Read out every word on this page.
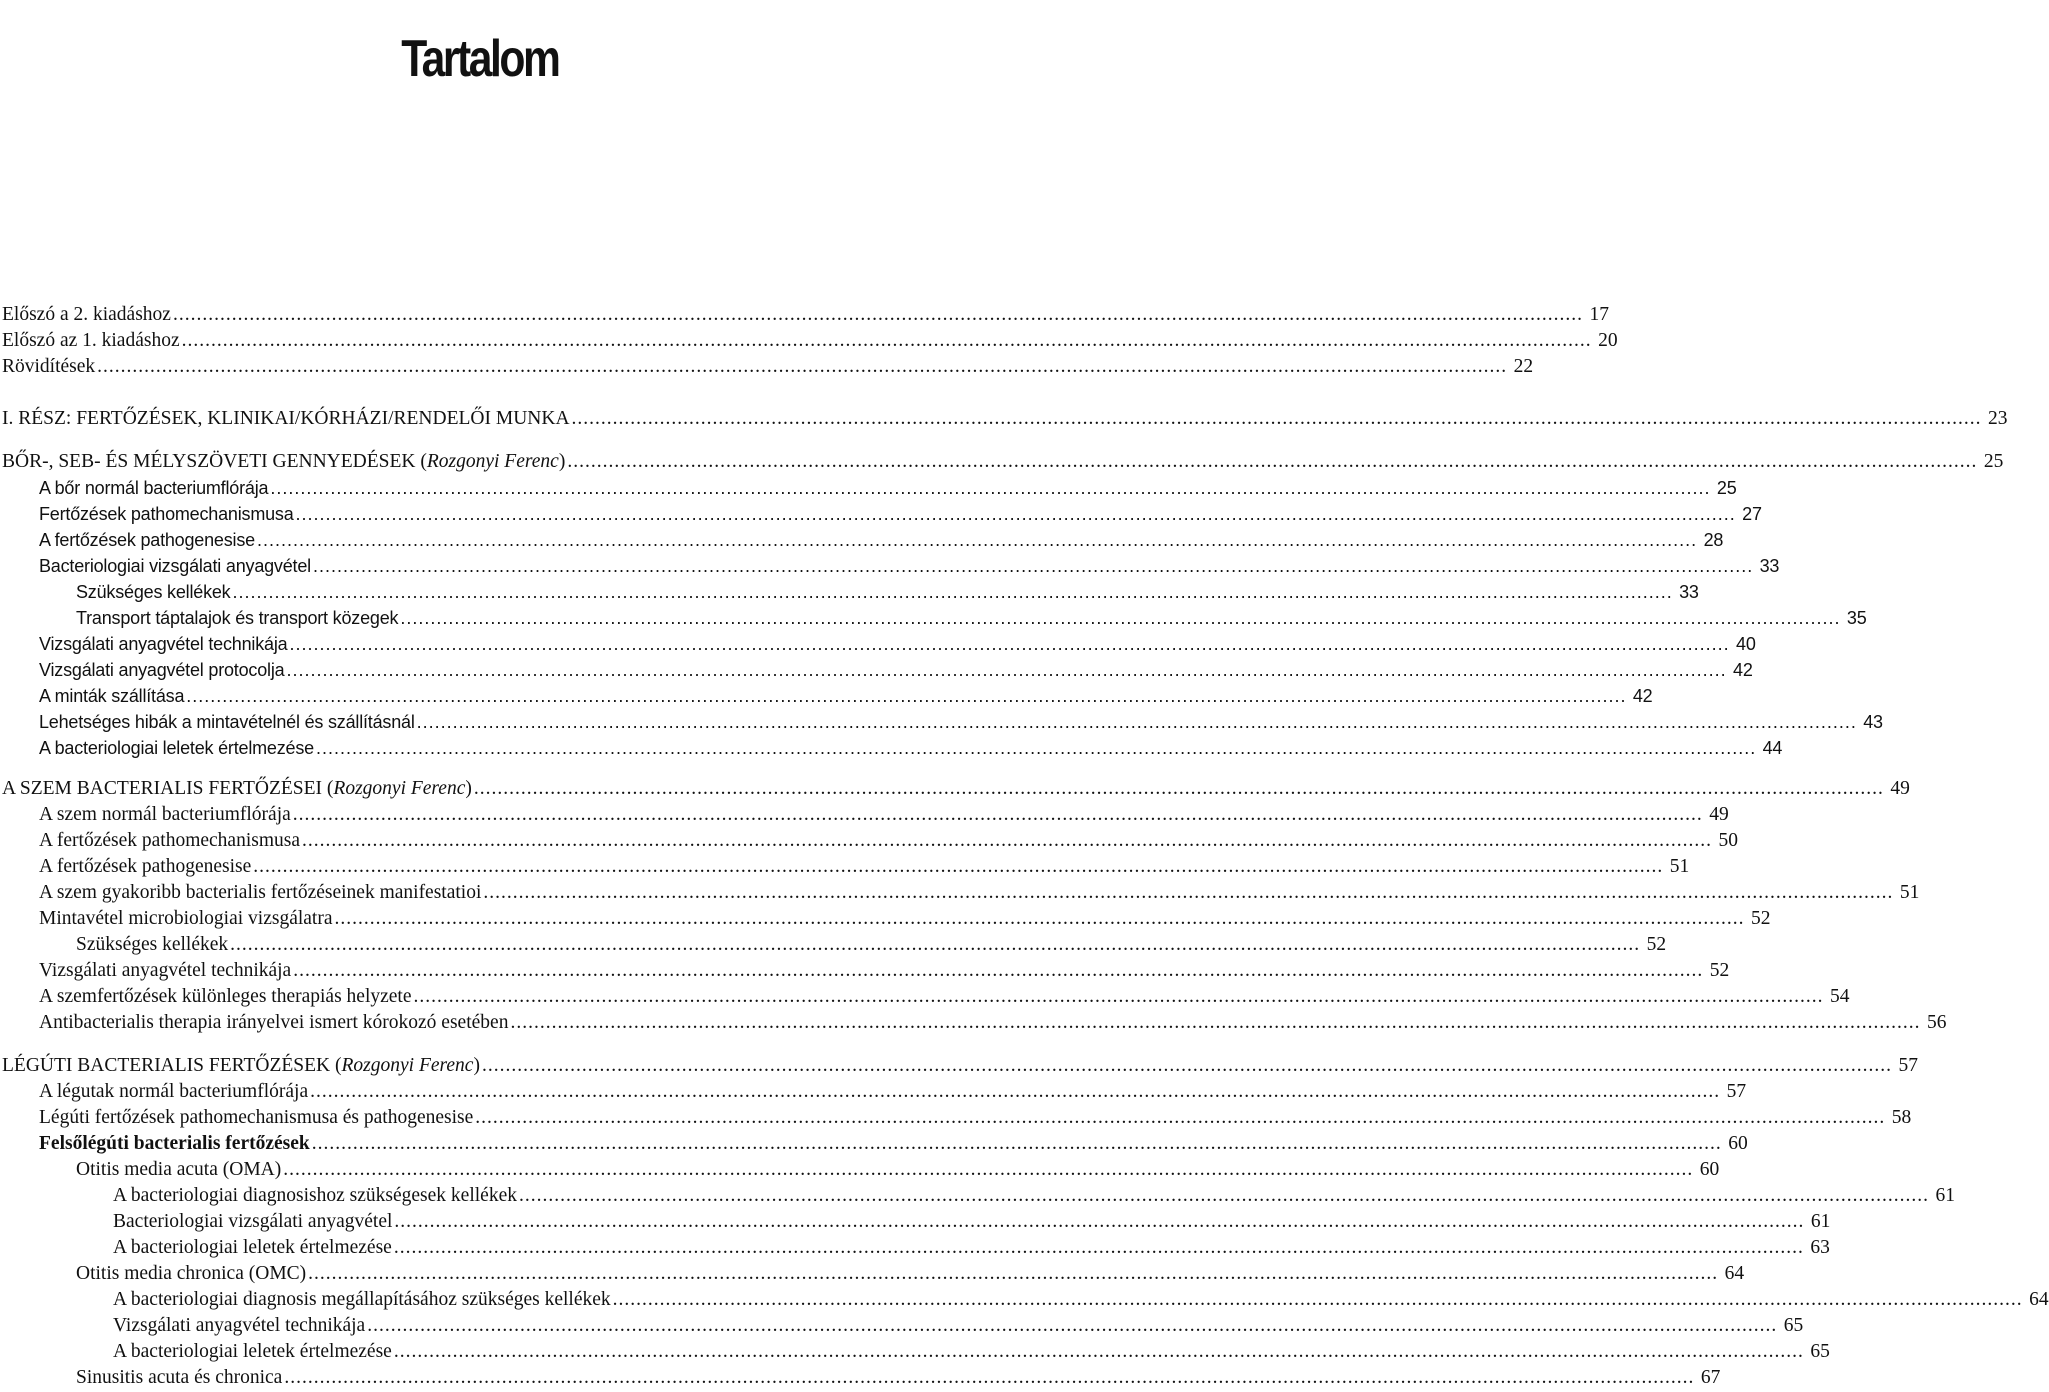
Tartalom
Előszó a 2. kiadáshoz .....	17
Előszó az 1. kiadáshoz .....	20
Rövidítések .....	22
I. RÉSZ: FERTŐZÉSEK, KLINIKAI/KÓRHÁZI/RENDELŐI MUNKA .....	23
BŐR-, SEB- ÉS MÉLYSZÖVETI GENNYEDÉSEK (Rozgonyi Ferenc) .....	25
A bőr normál bacteriumflórája .....	25
Fertőzések pathomechanismusa .....	27
A fertőzések pathogenesise .....	28
Bacteriologiai vizsgálati anyagvétel .....	33
Szükséges kellékek .....	33
Transport táptalajok és transport közegek .....	35
Vizsgálati anyagvétel technikája .....	40
Vizsgálati anyagvétel protocolja .....	42
A minták szállítása .....	42
Lehetséges hibák a mintavételnél és szállításnál .....	43
A bacteriologiai leletek értelmezése .....	44
A SZEM BACTERIALIS FERTŐZÉSEI (Rozgonyi Ferenc) .....	49
A szem normál bacteriumflórája .....	49
A fertőzések pathomechanismusa .....	50
A fertőzések pathogenesise .....	51
A szem gyakoribb bacterialis fertőzéseinek manifestatioi .....	51
Mintavétel microbiologiai vizsgálatra .....	52
Szükséges kellékek .....	52
Vizsgálati anyagvétel technikája .....	52
A szemfertőzések különleges therapiás helyzete .....	54
Antibacterialis therapia irányelvei ismert kórokozó esetében .....	56
LÉGÚTI BACTERIALIS FERTŐZÉSEK (Rozgonyi Ferenc) .....	57
A légutak normál bacteriumflórája .....	57
Légúti fertőzések pathomechanismusa és pathogenesise .....	58
Felsőlégúti bacterialis fertőzések .....	60
Otitis media acuta (OMA) .....	60
A bacteriologiai diagnosishoz szükségesek kellékek .....	61
Bacteriologiai vizsgálati anyagvétel .....	61
A bacteriologiai leletek értelmezése .....	63
Otitis media chronica (OMC) .....	64
A bacteriologiai diagnosis megállapításához szükséges kellékek .....	64
Vizsgálati anyagvétel technikája .....	65
A bacteriologiai leletek értelmezése .....	65
Sinusitis acuta és chronica .....	67
